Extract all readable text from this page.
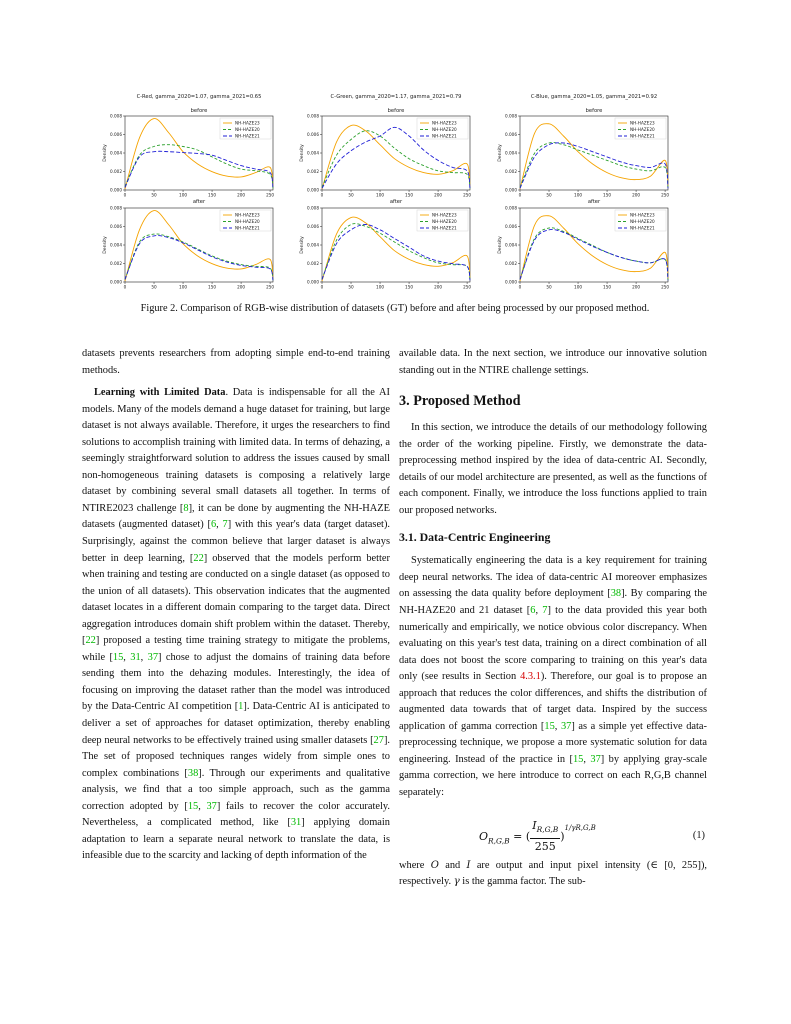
C-Red, gamma_2020=1.07, gamma_2021=0.65
before
after
0.008
0.006
0.004
0.002
0.000
Density
0	50	100	150	200	250
NH-HAZE23
NH-HAZE20
NH-HAZE21
0.008
0.006
0.004
0.002
0.000
Density
0	50	100	150	200	250
NH-HAZE23
NH-HAZE20
NH-HAZE21
C-Green, gamma_2020=1.17, gamma_2021=0.79
before
after
0.008
0.006
0.004
0.002
0.000
Density
0	50	100	150	200	250
NH-HAZE23
NH-HAZE20
NH-HAZE21
0.008
0.006
0.004
0.002
0.000
Density
0	50	100	150	200	250
NH-HAZE23
NH-HAZE20
NH-HAZE21
C-Blue, gamma_2020=1.05, gamma_2021=0.92
before
after
0.008
0.006
0.004
0.002
0.000
Density
0	50	100	150	200	250
NH-HAZE23
NH-HAZE20
NH-HAZE21
0.008
0.006
0.004
0.002
0.000
Density
0	50	100	150	200	250
NH-HAZE23
NH-HAZE20
NH-HAZE21
Figure 2. Comparison of RGB-wise distribution of datasets (GT) before and after being processed by our proposed method.

datasets prevents researchers from adopting simple end-to-end training methods.

Learning with Limited Data. Data is indispensable for all the AI models. Many of the models demand a huge dataset for training, but large dataset is not always available. Therefore, it urges the researchers to find solutions to accomplish training with limited data. In terms of dehazing, a seemingly straightforward solution to address the issues caused by small non-homogeneous training datasets is composing a relatively large dataset by combining several small datasets all together. In terms of NTIRE2023 challenge [8], it can be done by augmenting the NH-HAZE datasets (augmented dataset) [6, 7] with this year's data (target dataset). Surprisingly, against the common believe that larger dataset is always better in deep learning, [22] observed that the models perform better when training and testing are conducted on a single dataset (as opposed to the union of all datasets). This observation indicates that the augmented dataset locates in a different domain comparing to the target data. Direct aggregation introduces domain shift problem within the dataset. Thereby, [22] proposed a testing time training strategy to mitigate the problems, while [15, 31, 37] chose to adjust the domains of training data before sending them into the dehazing modules. Interestingly, the idea of focusing on improving the dataset rather than the model was introduced by the Data-Centric AI competition [1]. Data-Centric AI is anticipated to deliver a set of approaches for dataset optimization, thereby enabling deep neural networks to be effectively trained using smaller datasets [27]. The set of proposed techniques ranges widely from simple ones to complex combinations [38]. Through our experiments and qualitative analysis, we find that a too simple approach, such as the gamma correction adopted by [15, 37] fails to recover the color accurately. Nevertheless, a complicated method, like [31] applying domain adaptation to learn a separate neural network to translate the data, is infeasible due to the scarcity and lacking of depth information of the

available data. In the next section, we introduce our innovative solution standing out in the NTIRE challenge settings.

3. Proposed Method

In this section, we introduce the details of our methodology following the order of the working pipeline. Firstly, we demonstrate the data-preprocessing method inspired by the idea of data-centric AI. Secondly, details of our model architecture are presented, as well as the functions of each component. Finally, we introduce the loss functions applied to train our proposed networks.

3.1. Data-Centric Engineering

Systematically engineering the data is a key requirement for training deep neural networks. The idea of data-centric AI moreover emphasizes on assessing the data quality before deployment [38]. By comparing the NH-HAZE20 and 21 dataset [6, 7] to the data provided this year both numerically and empirically, we notice obvious color discrepancy. When evaluating on this year's test data, training on a direct combination of all data does not boost the score comparing to training on this year's data only (see results in Section 4.3.1). Therefore, our goal is to propose an approach that reduces the color differences, and shifts the distribution of augmented data towards that of target data. Inspired by the success application of gamma correction [15, 37] as a simple yet effective data-preprocessing technique, we propose a more systematic solution for data engineering. Instead of the practice in [15, 37] by applying gray-scale gamma correction, we here introduce to correct on each R,G,B channel separately:

$O_{R,G,B}$ = ( $\frac{I_{R,G,B}}{255} )^{1/\gamma R,G,B}$
(1)

where O and I are output and input pixel intensity (∈ [0, 255]), respectively. γ is the gamma factor. The sub-
